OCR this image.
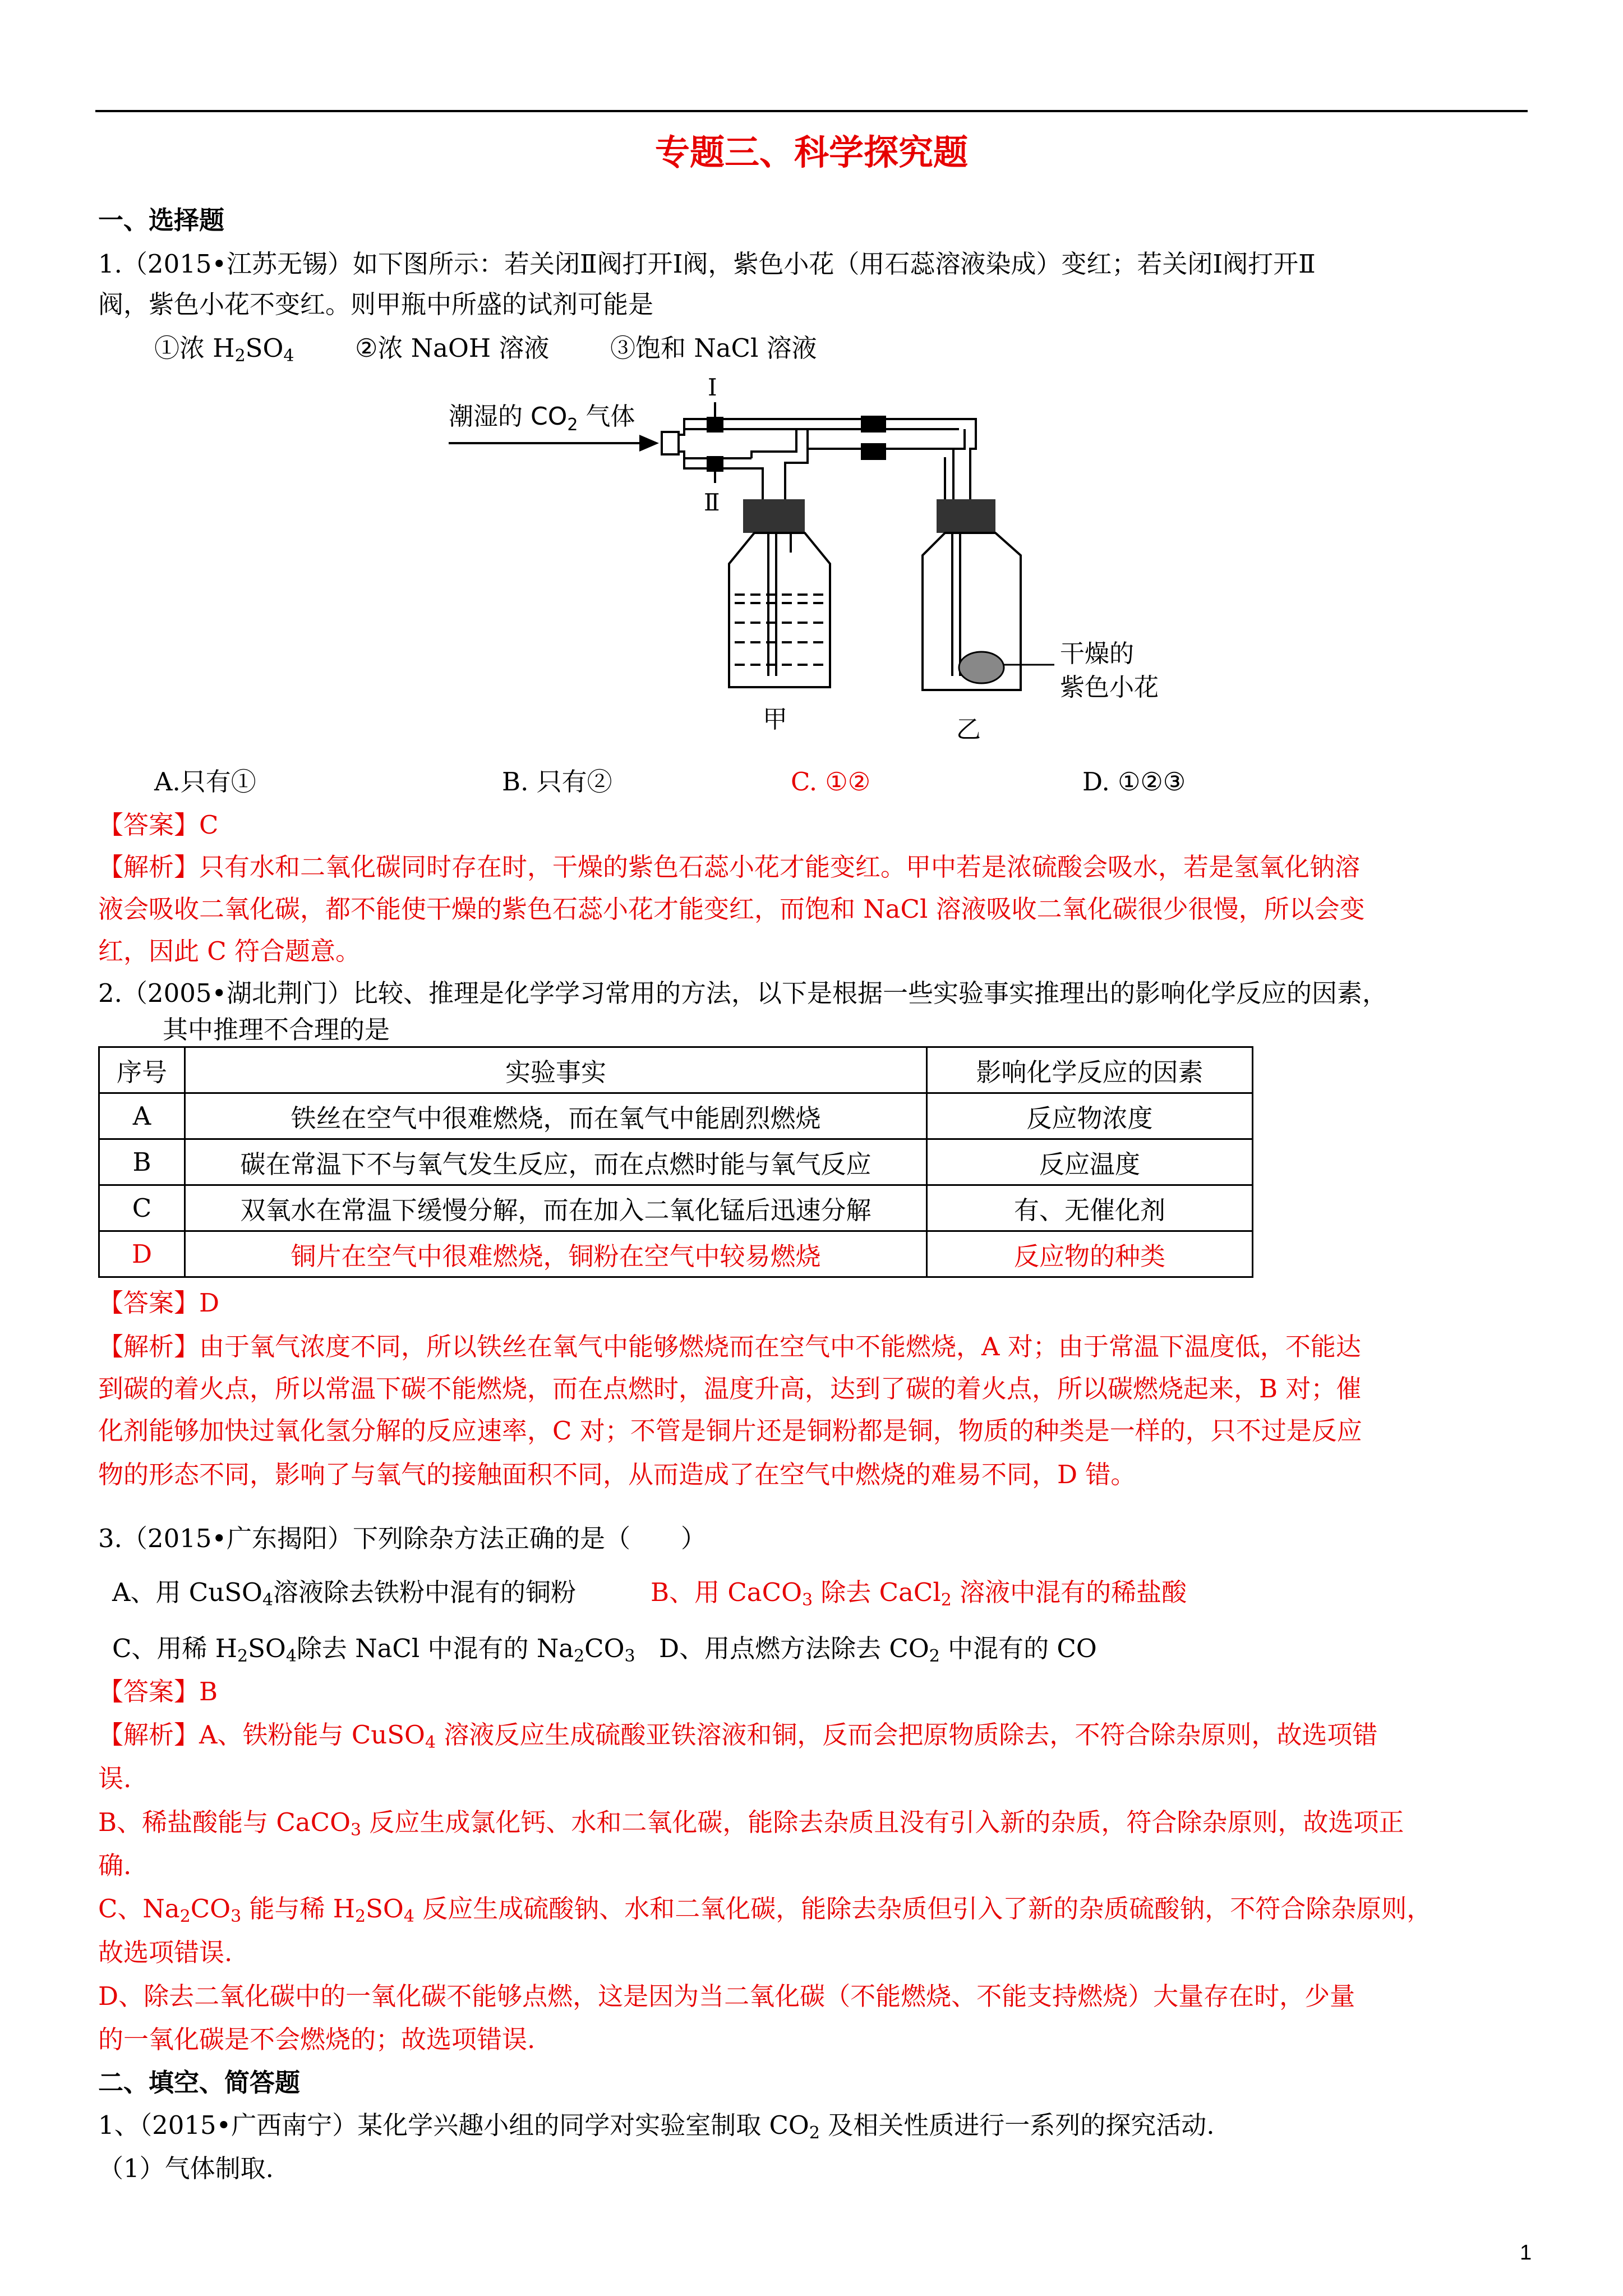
专题三、科学探究题
一、选择题
1.（2015•江苏无锡）如下图所示：若关闭Ⅱ阀打开Ⅰ阀，紫色小花（用石蕊溶液染成）变红；若关闭Ⅰ阀打开Ⅱ
阀，紫色小花不变红。则甲瓶中所盛的试剂可能是
①浓 $H_2SO_4$ ②浓 NaOH 溶液 ③饱和 NaCl 溶液
潮湿的 $CO_2$ 气体
Ⅰ
Ⅱ
甲
干燥的
紫色小花
乙
A.只有①	B. 只有②	C. ①②	D. ①②③
【答案】C
【解析】只有水和二氧化碳同时存在时，干燥的紫色石蕊小花才能变红。甲中若是浓硫酸会吸水，若是氢氧化钠溶
液会吸收二氧化碳，都不能使干燥的紫色石蕊小花才能变红，而饱和 NaCl 溶液吸收二氧化碳很少很慢，所以会变
红，因此 C 符合题意。
2.（2005•湖北荆门）比较、推理是化学学习常用的方法，以下是根据一些实验事实推理出的影响化学反应的因素，
其中推理不合理的是
序号	实验事实	影响化学反应的因素
A	铁丝在空气中很难燃烧，而在氧气中能剧烈燃烧	反应物浓度
B	碳在常温下不与氧气发生反应，而在点燃时能与氧气反应	反应温度
C	双氧水在常温下缓慢分解，而在加入二氧化锰后迅速分解	有、无催化剂
D	铜片在空气中很难燃烧，铜粉在空气中较易燃烧	反应物的种类
【答案】D
【解析】由于氧气浓度不同，所以铁丝在氧气中能够燃烧而在空气中不能燃烧，A 对；由于常温下温度低，不能达
到碳的着火点，所以常温下碳不能燃烧，而在点燃时，温度升高，达到了碳的着火点，所以碳燃烧起来，B 对；催
化剂能够加快过氧化氢分解的反应速率，C 对；不管是铜片还是铜粉都是铜，物质的种类是一样的，只不过是反应
物的形态不同，影响了与氧气的接触面积不同，从而造成了在空气中燃烧的难易不同，D 错。
3.（2015•广东揭阳）下列除杂方法正确的是（　　）
A、用 CuSO$_4$溶液除去铁粉中混有的铜粉	B、用 CaCO$_3$ 除去 CaCl$_2$ 溶液中混有的稀盐酸
C、用稀 $H_2SO_4$除去 NaCl 中混有的 $Na_2CO_3$ D、用点燃方法除去 $CO_2$ 中混有的 CO
【答案】B
【解析】A、铁粉能与 CuSO$_4$ 溶液反应生成硫酸亚铁溶液和铜，反而会把原物质除去，不符合除杂原则，故选项错
误.
B、稀盐酸能与 CaCO$_3$ 反应生成氯化钙、水和二氧化碳，能除去杂质且没有引入新的杂质，符合除杂原则，故选项正
确.
C、$Na_2CO_3$ 能与稀 $H_2SO_4$ 反应生成硫酸钠、水和二氧化碳，能除去杂质但引入了新的杂质硫酸钠，不符合除杂原则，
故选项错误.
D、除去二氧化碳中的一氧化碳不能够点燃，这是因为当二氧化碳（不能燃烧、不能支持燃烧）大量存在时，少量
的一氧化碳是不会燃烧的；故选项错误.
二、填空、简答题
1、（2015•广西南宁）某化学兴趣小组的同学对实验室制取 $CO_2$ 及相关性质进行一系列的探究活动.
（1）气体制取.
1
